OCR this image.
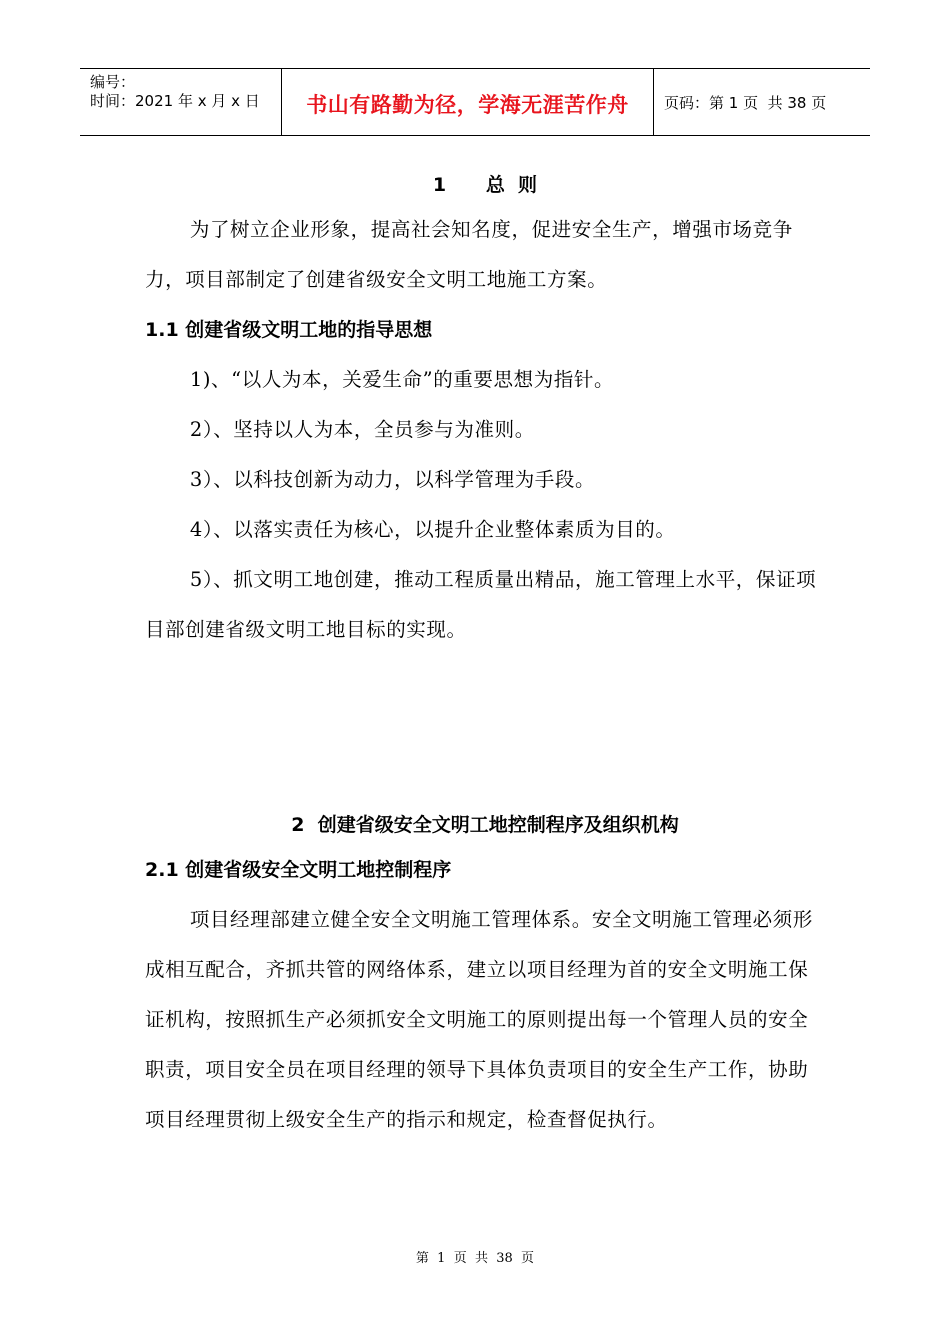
编号：
时间：2021 年 x 月 x 日	书山有路勤为径，学海无涯苦作舟	页码：第 1 页  共 38 页
1      总  则

为了树立企业形象，提高社会知名度，促进安全生产，增强市场竞争力，项目部制定了创建省级安全文明工地施工方案。

1.1 创建省级文明工地的指导思想

1)、“以人为本，关爱生命”的重要思想为指针。

2）、坚持以人为本，全员参与为准则。

3）、以科技创新为动力，以科学管理为手段。

4）、以落实责任为核心，以提升企业整体素质为目的。

5）、抓文明工地创建，推动工程质量出精品，施工管理上水平，保证项目部创建省级文明工地目标的实现。

2  创建省级安全文明工地控制程序及组织机构
2.1 创建省级安全文明工地控制程序

项目经理部建立健全安全文明施工管理体系。安全文明施工管理必须形成相互配合，齐抓共管的网络体系，建立以项目经理为首的安全文明施工保证机构，按照抓生产必须抓安全文明施工的原则提出每一个管理人员的安全职责，项目安全员在项目经理的领导下具体负责项目的安全生产工作，协助项目经理贯彻上级安全生产的指示和规定，检查督促执行。

第  1  页  共  38  页
